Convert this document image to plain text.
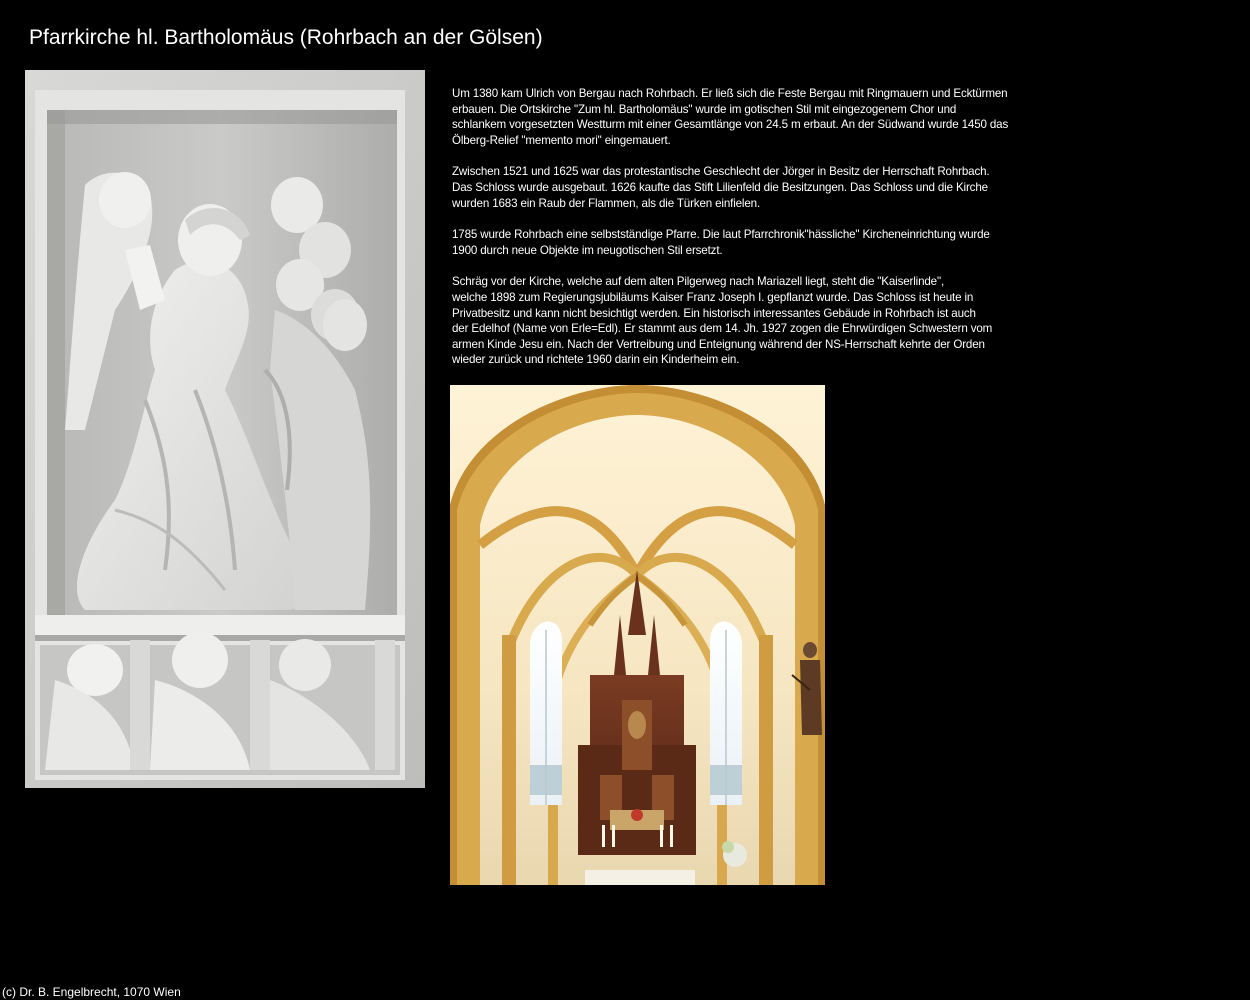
Pfarrkirche hl. Bartholomäus (Rohrbach an der Gölsen)

Um 1380 kam Ulrich von Bergau nach Rohrbach. Er ließ sich die Feste Bergau mit Ringmauern und Ecktürmen
erbauen. Die Ortskirche "Zum hl. Bartholomäus" wurde im gotischen Stil mit eingezogenem Chor und
schlankem vorgesetzten Westturm mit einer Gesamtlänge von 24.5 m erbaut. An der Südwand wurde 1450 das
Ölberg-Relief "memento mori" eingemauert.

Zwischen 1521 und 1625 war das protestantische Geschlecht der Jörger in Besitz der Herrschaft Rohrbach.
Das Schloss wurde ausgebaut. 1626 kaufte das Stift Lilienfeld die Besitzungen. Das Schloss und die Kirche
wurden 1683 ein Raub der Flammen, als die Türken einfielen.

1785 wurde Rohrbach eine selbstständige Pfarre. Die laut Pfarrchronik"hässliche" Kircheneinrichtung wurde
1900 durch neue Objekte im neugotischen Stil ersetzt.

Schräg vor der Kirche, welche auf dem alten Pilgerweg nach Mariazell liegt, steht die "Kaiserlinde",
welche 1898 zum Regierungsjubiläums Kaiser Franz Joseph I. gepflanzt wurde. Das Schloss ist heute in
Privatbesitz und kann nicht besichtigt werden. Ein historisch interessantes Gebäude in Rohrbach ist auch
der Edelhof (Name von Erle=Edl). Er stammt aus dem 14. Jh. 1927 zogen die Ehrwürdigen Schwestern vom
armen Kinde Jesu ein. Nach der Vertreibung und Enteignung während der NS-Herrschaft kehrte der Orden
wieder zurück und richtete 1960 darin ein Kinderheim ein.

(c) Dr. B. Engelbrecht, 1070 Wien
